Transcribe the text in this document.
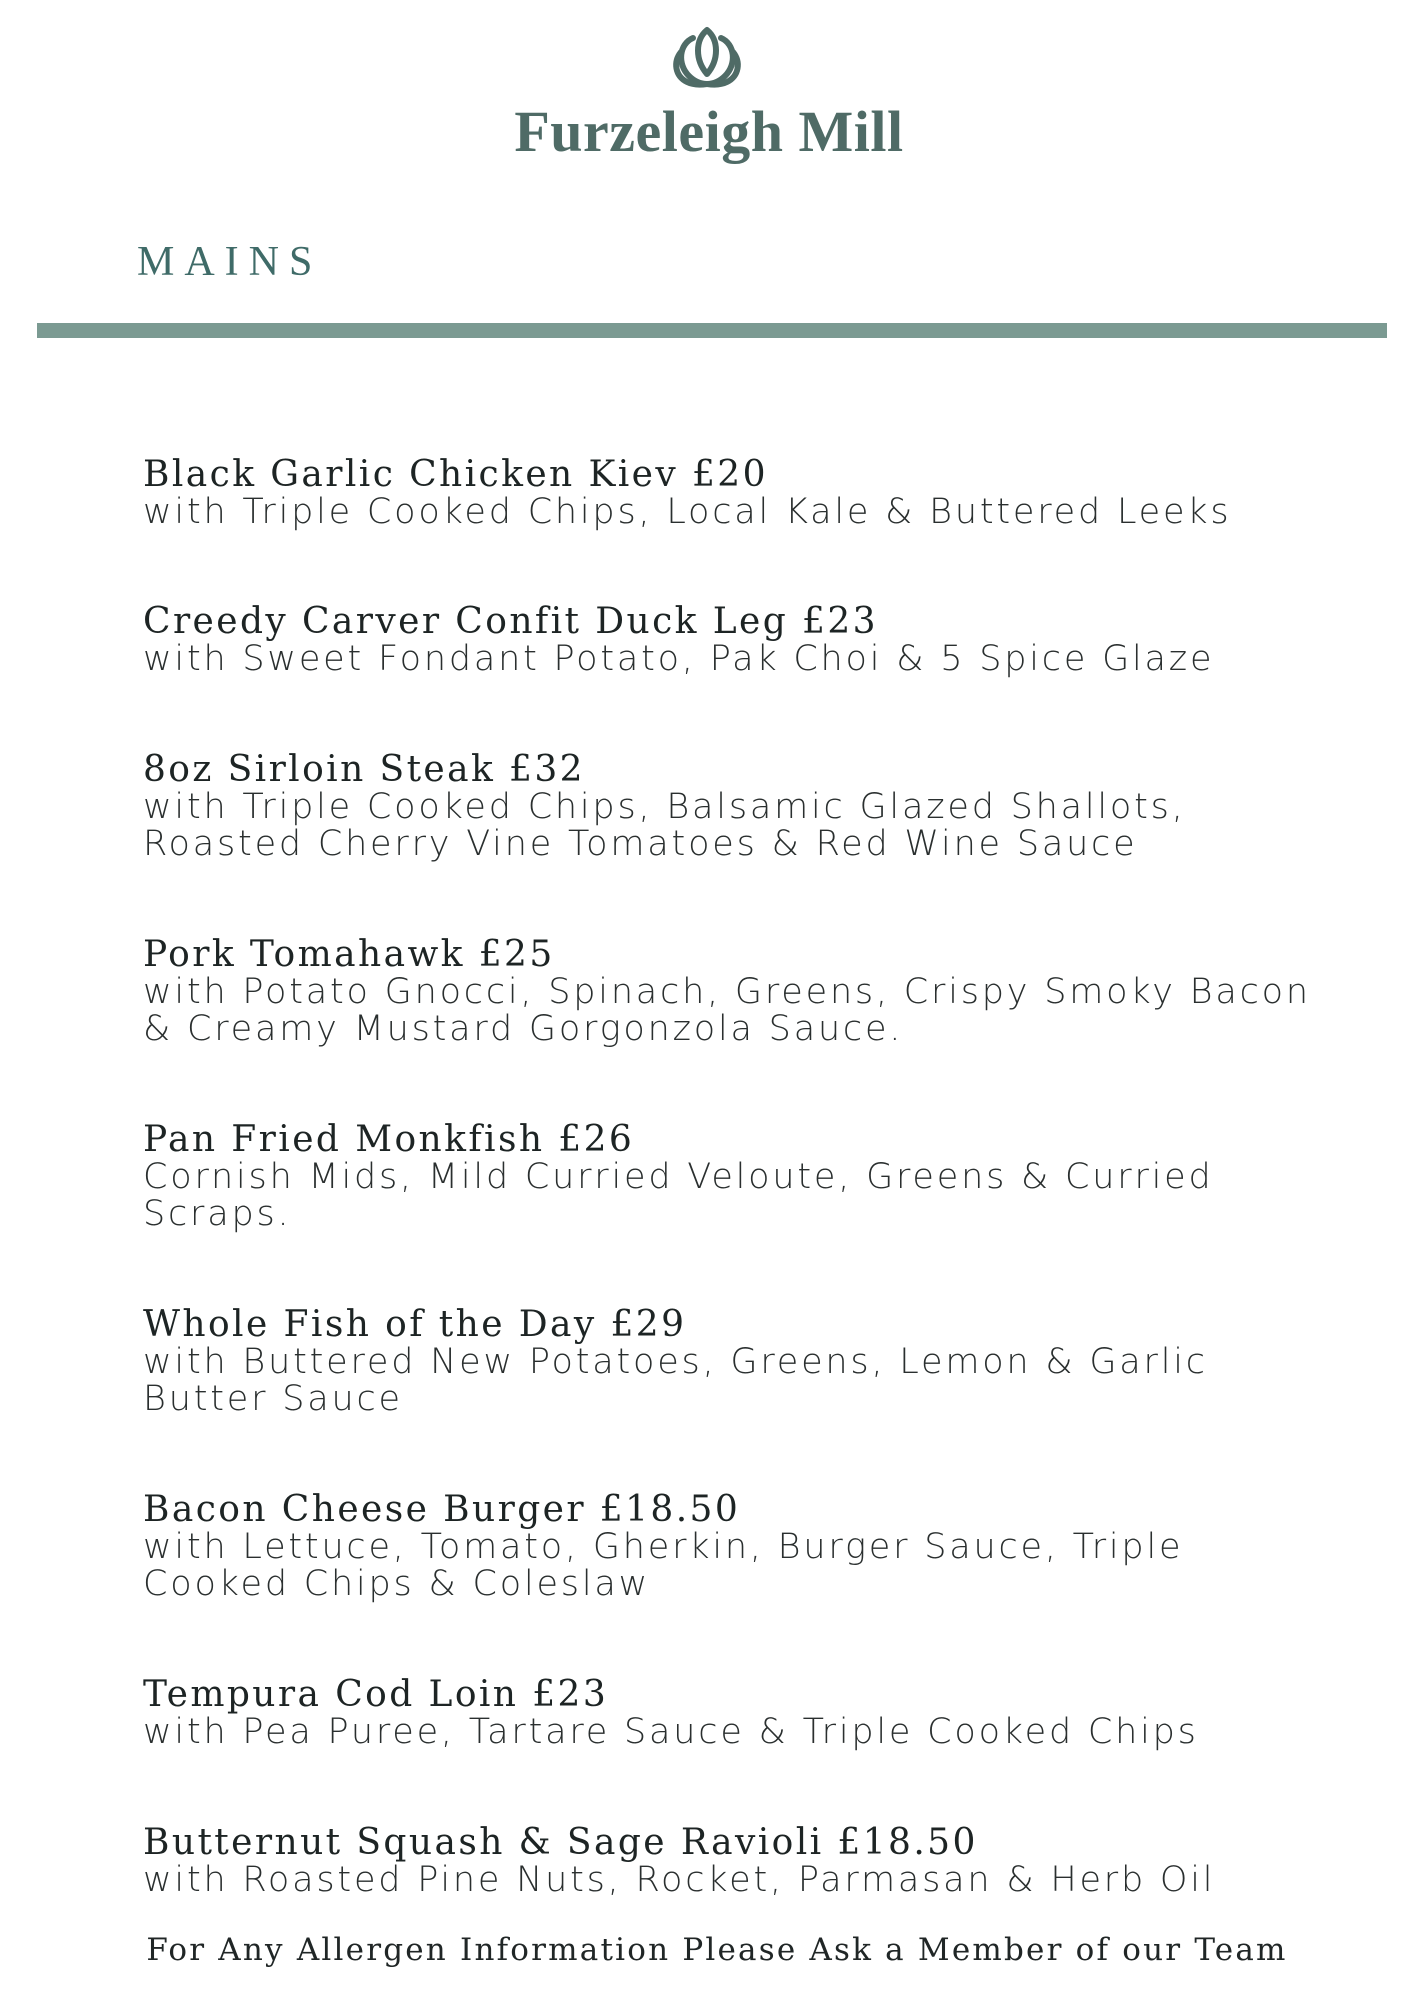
Furzeleigh Mill
MAINS
Black Garlic Chicken Kiev £20
with Triple Cooked Chips, Local Kale & Buttered Leeks
Creedy Carver Confit Duck Leg £23
with Sweet Fondant Potato, Pak Choi & 5 Spice Glaze
8oz Sirloin Steak £32
with Triple Cooked Chips, Balsamic Glazed Shallots, Roasted Cherry Vine Tomatoes & Red Wine Sauce
Pork Tomahawk £25
with Potato Gnocci, Spinach, Greens, Crispy Smoky Bacon & Creamy Mustard Gorgonzola Sauce.
Pan Fried Monkfish £26
Cornish Mids, Mild Curried Veloute, Greens & Curried Scraps.
Whole Fish of the Day £29
with Buttered New Potatoes, Greens, Lemon & Garlic Butter Sauce
Bacon Cheese Burger £18.50
with Lettuce, Tomato, Gherkin, Burger Sauce, Triple Cooked Chips & Coleslaw
Tempura Cod Loin £23
with Pea Puree, Tartare Sauce & Triple Cooked Chips
Butternut Squash & Sage Ravioli £18.50
with Roasted Pine Nuts, Rocket, Parmasan & Herb Oil
For Any Allergen Information Please Ask a Member of our Team
